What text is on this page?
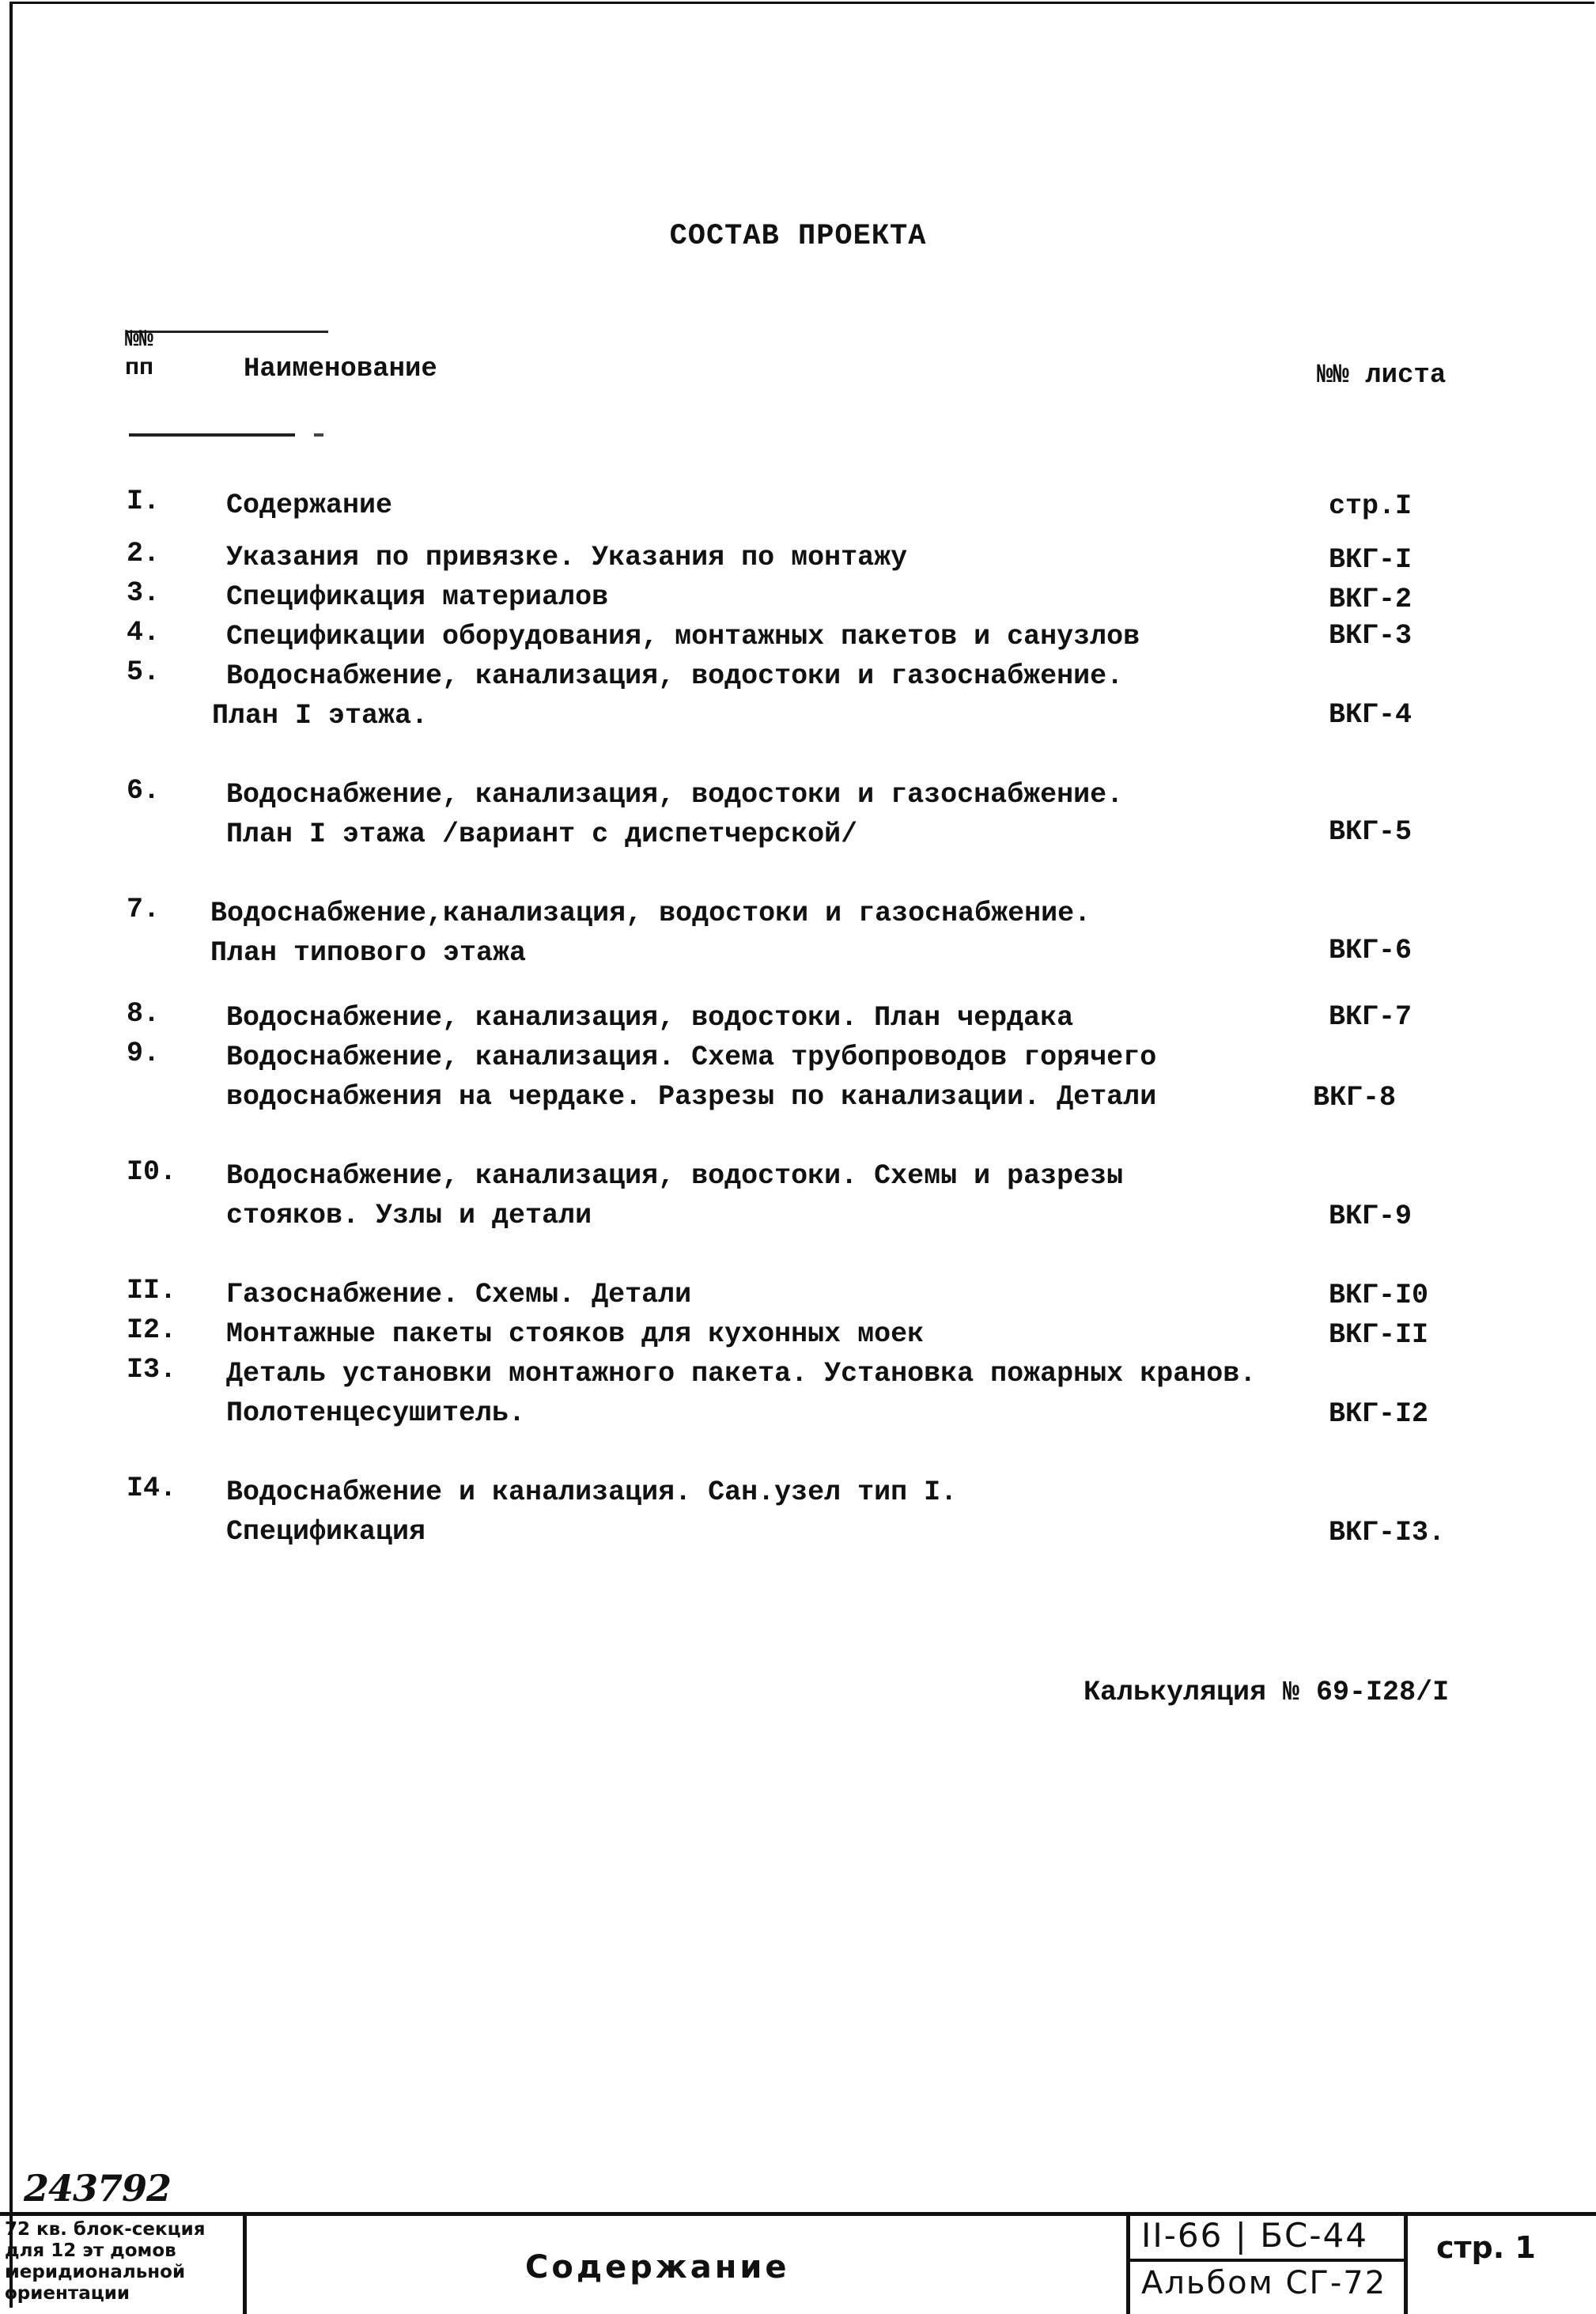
СОСТАВ ПРОЕКТА
№№
пп	Наименование	№№ листа
I. Содержание	стр.I
2. Указания по привязке. Указания по монтажу	ВКГ-I
3. Спецификация материалов	ВКГ-2
4. Спецификации оборудования, монтажных пакетов и санузлов	ВКГ-3
5. Водоснабжение, канализация, водостоки и газоснабжение.
План I этажа.	ВКГ-4
6. Водоснабжение, канализация, водостоки и газоснабжение.
План I этажа /вариант с диспетчерской/	ВКГ-5
7. Водоснабжение,канализация, водостоки и газоснабжение.
План типового этажа	ВКГ-6
8. Водоснабжение, канализация, водостоки. План чердака	ВКГ-7
9. Водоснабжение, канализация. Схема трубопроводов горячего
водоснабжения на чердаке. Разрезы по канализации. Детали	ВКГ-8
I0. Водоснабжение, канализация, водостоки. Схемы и разрезы
стояков. Узлы и детали	ВКГ-9
II. Газоснабжение. Схемы. Детали	ВКГ-I0
I2. Монтажные пакеты стояков для кухонных моек	ВКГ-II
I3. Деталь установки монтажного пакета. Установка пожарных кранов.
Полотенцесушитель.	ВКГ-I2
I4. Водоснабжение и канализация. Сан.узел тип I.
Спецификация	ВКГ-I3.
Калькуляция № 69-I28/I
243792
72 кв. блок-секция
для 12 эт домов
меридиональной
ориентации
Содержание
II-66 | БС-44
Альбом СГ-72
стр. 1
